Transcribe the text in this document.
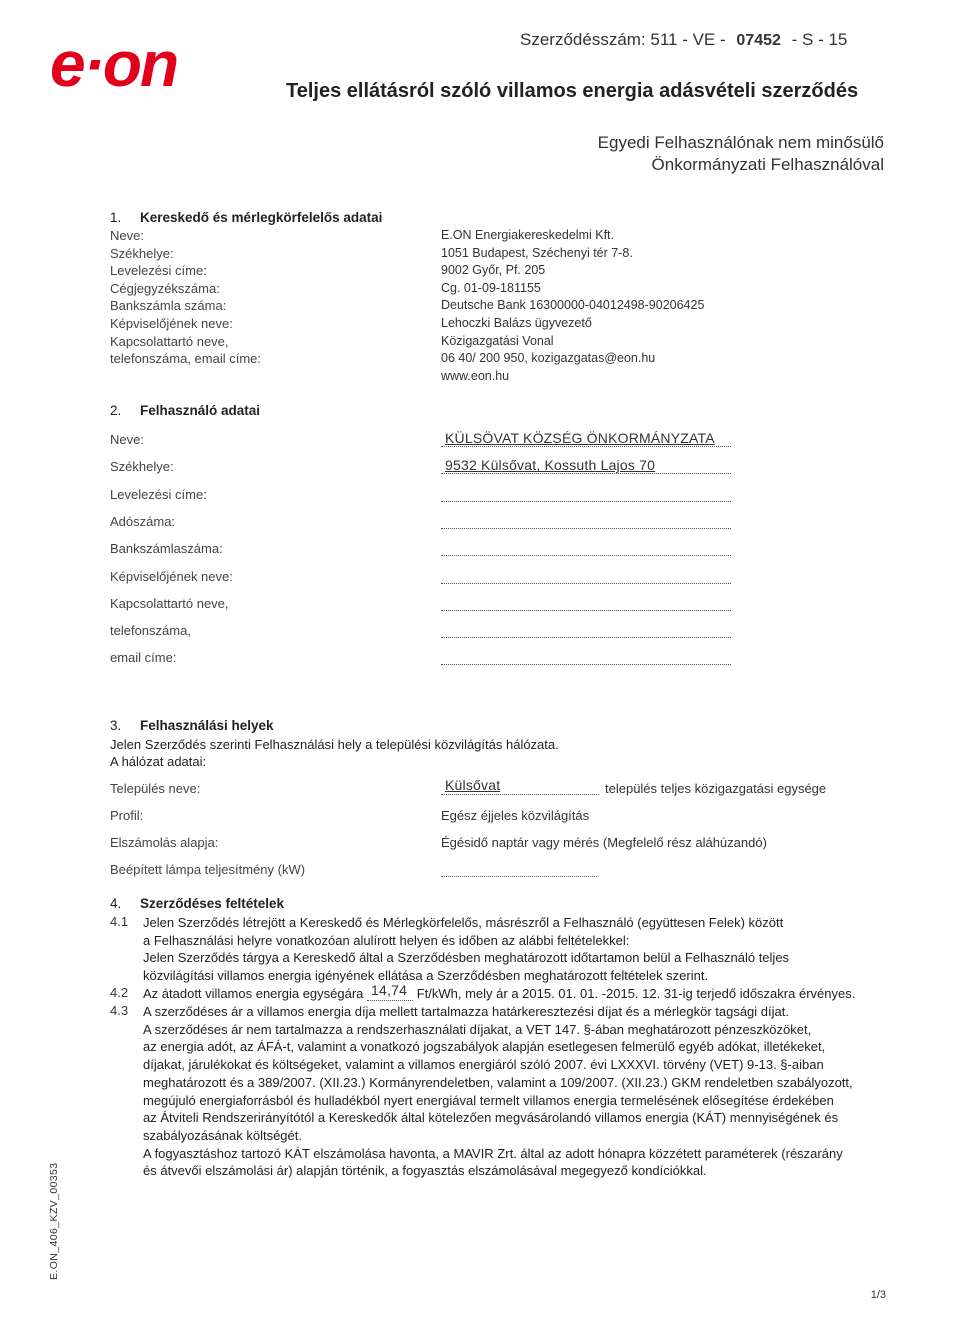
e·on	Szerződésszám: 511 - VE - 07452 - S - 15
Teljes ellátásról szóló villamos energia adásvételi szerződés
Egyedi Felhasználónak nem minősülő
Önkormányzati Felhasználóval
1. Kereskedő és mérlegkörfelelős adatai
Neve:	E.ON Energiakereskedelmi Kft.
Székhelye:	1051 Budapest, Széchenyi tér 7-8.
Levelezési címe:	9002 Győr, Pf. 205
Cégjegyzékszáma:	Cg. 01-09-181155
Bankszámla száma:	Deutsche Bank 16300000-04012498-90206425
Képviselőjének neve:	Lehoczki Balázs ügyvezető
Kapcsolattartó neve,	Közigazgatási Vonal
telefonszáma, email címe:	06 40/ 200 950, kozigazgatas@eon.hu
www.eon.hu
2. Felhasználó adatai
Neve:	KÜLSÖVAT KÖZSÉG ÖNKORMÁNYZATA
Székhelye:	9532 Külsővat, Kossuth Lajos 70
Levelezési címe:
Adószáma:
Bankszámlaszáma:
Képviselőjének neve:
Kapcsolattartó neve,
telefonszáma,
email címe:
3. Felhasználási helyek
Jelen Szerződés szerinti Felhasználási hely a települési közvilágítás hálózata.
A hálózat adatai:
Település neve:	Külsővat	település teljes közigazgatási egysége
Profil:	Egész éjjeles közvilágítás
Elszámolás alapja:	Égésidő naptár vagy mérés (Megfelelő rész aláhúzandó)
Beépített lámpa teljesítmény (kW)
4. Szerződéses feltételek
4.1 Jelen Szerződés létrejött a Kereskedő és Mérlegkörfelelős, másrészről a Felhasználó (együttesen Felek) között
a Felhasználási helyre vonatkozóan alulírott helyen és időben az alábbi feltételekkel:
Jelen Szerződés tárgya a Kereskedő által a Szerződésben meghatározott időtartamon belül a Felhasználó teljes
közvilágítási villamos energia igényének ellátása a Szerződésben meghatározott feltételek szerint.
4.2 Az átadott villamos energia egységára 14,74 Ft/kWh, mely ár a 2015. 01. 01. -2015. 12. 31-ig terjedő időszakra érvényes.
4.3 A szerződéses ár a villamos energia díja mellett tartalmazza határkeresztezési díjat és a mérlegkör tagsági díjat.
A szerződéses ár nem tartalmazza a rendszerhasználati díjakat, a VET 147. §-ában meghatározott pénzeszközöket,
az energia adót, az ÁFÁ-t, valamint a vonatkozó jogszabályok alapján esetlegesen felmerülő egyéb adókat, illetékeket,
díjakat, járulékokat és költségeket, valamint a villamos energiáról szóló 2007. évi LXXXVI. törvény (VET) 9-13. §-aiban
meghatározott és a 389/2007. (XII.23.) Kormányrendeletben, valamint a 109/2007. (XII.23.) GKM rendeletben szabályozott,
megújuló energiaforrásból és hulladékból nyert energiával termelt villamos energia termelésének elősegítése érdekében
az Átviteli Rendszerirányítótól a Kereskedők által kötelezően megvásárolandó villamos energia (KÁT) mennyiségének és
szabályozásának költségét.
A fogyasztáshoz tartozó KÁT elszámolása havonta, a MAVIR Zrt. által az adott hónapra közzétett paraméterek (részarány
és átvevői elszámolási ár) alapján történik, a fogyasztás elszámolásával megegyező kondíciókkal.
E.ON_406_KZV_00353
1/3
